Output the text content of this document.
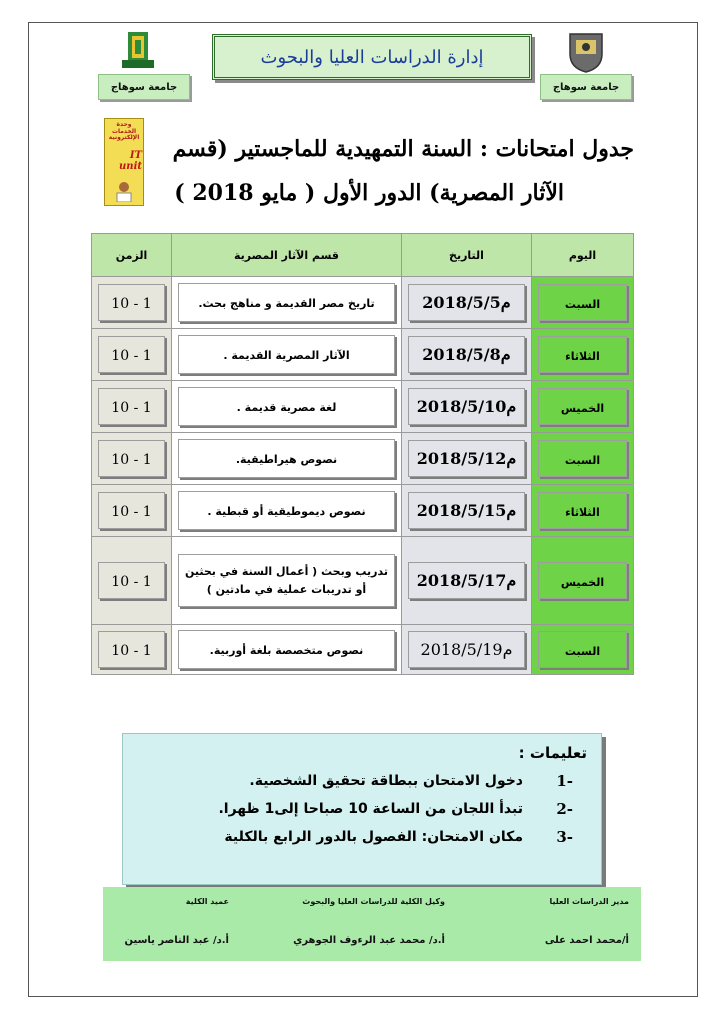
جامعة سوهاج	جامعة سوهاج
إدارة الدراسات العليا والبحوث
وحدة الخدمات الإلكترونية
IT unit
جدول امتحانات : السنة التمهيدية للماجستير (قسم
الآثار المصرية) الدور الأول ( مايو 2018 )
اليوم	التاريخ	قسم الآثار المصرية	الزمن

السبت	2018/5/5م	تاريخ مصر القديمة و مناهج بحث.	1 - 10

الثلاثاء	2018/5/8م	الآثار المصرية القديمة .	1 - 10

الخميس	2018/5/10م	لغة مصرية قديمة .	1 - 10

السبت	2018/5/12م	نصوص هيراطيقية.	1 - 10

الثلاثاء	2018/5/15م	نصوص ديموطيقية أو قبطية .	1 - 10

الخميس	2018/5/17م	تدريب وبحث ( أعمال السنة في بحثين
أو تدريبات عملية في مادتين )	1 - 10

السبت	2018/5/19م	نصوص متخصصة بلغة أوربية.	1 - 10
تعليمات :
1-
دخول الامتحان ببطاقة تحقيق الشخصية.
2-
تبدأ اللجان من الساعة 10 صباحا إلى1 ظهرا.
3-
مكان الامتحان: الفصول بالدور الرابع بالكلية
مدير الدراسات العليا
أ/محمد احمد على
وكيل الكلية للدراسات العليا والبحوث
أ.د/ محمد عبد الرءوف الجوهري
عميد الكلية
أ.د/ عبد الناصر ياسين
